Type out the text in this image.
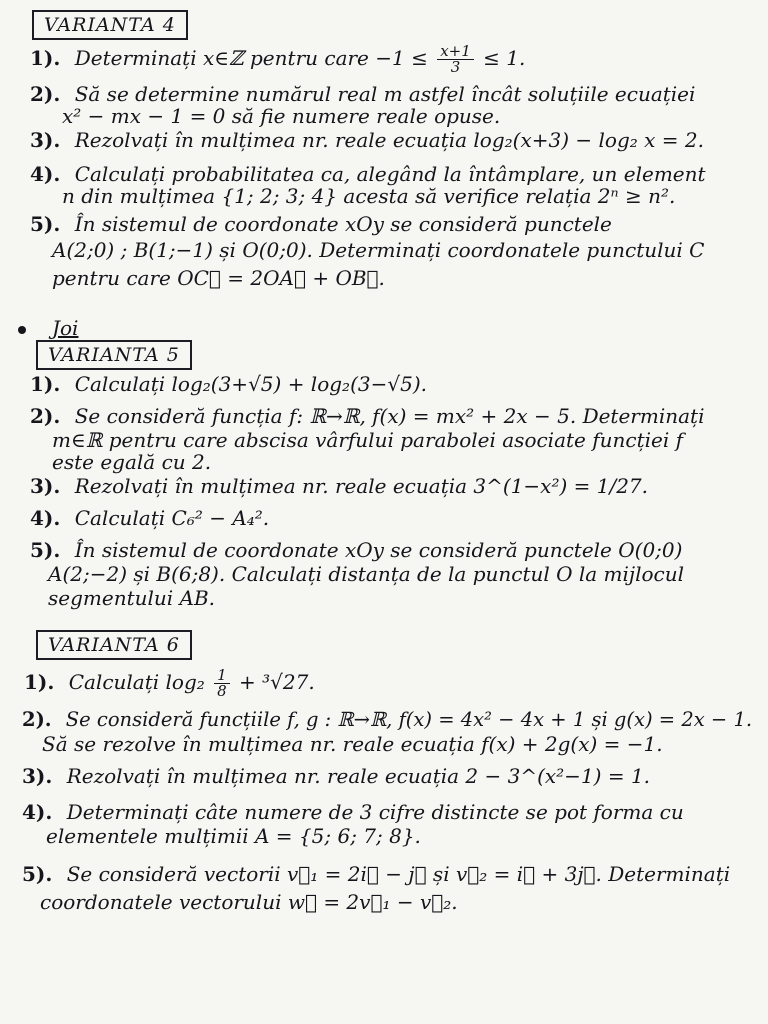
VARIANTA 4
1). Determinați x∈ℤ pentru care $-1 \le \frac{x+1}{3} \le 1$.
2). Să se determine numărul real m astfel încât soluțiile ecuației
x² − mx − 1 = 0 să fie numere reale opuse.
3). Rezolvați în mulțimea nr. reale ecuația log₂(x+3) − log₂ x = 2.
4). Calculați probabilitatea ca, alegând la întâmplare, un element
n din mulțimea {1; 2; 3; 4} acesta să verifice relația 2ⁿ ≥ n².
5). În sistemul de coordonate xOy se consideră punctele
A(2;0) ; B(1;−1) și O(0;0). Determinați coordonatele punctului C
pentru care OC⃗ = 2OA⃗ + OB⃗.
Joi
VARIANTA 5
1). Calculați log₂(3+√5) + log₂(3−√5).
2). Se consideră funcția f: ℝ→ℝ, f(x) = mx² + 2x − 5. Determinați
m∈ℝ pentru care abscisa vârfului parabolei asociate funcției f
este egală cu 2.
3). Rezolvați în mulțimea nr. reale ecuația 3^(1−x²) = 1/27.
4). Calculați C₆² − A₄².
5). În sistemul de coordonate xOy se consideră punctele O(0;0)
A(2;−2) și B(6;8). Calculați distanța de la punctul O la mijlocul
segmentului AB.
VARIANTA 6
1). Calculați $\log_2 \frac{1}{8} + ^3√27$.
2). Se consideră funcțiile f, g : ℝ→ℝ, f(x) = 4x² − 4x + 1 și g(x) = 2x − 1.
Să se rezolve în mulțimea nr. reale ecuația f(x) + 2g(x) = −1.
3). Rezolvați în mulțimea nr. reale ecuația 2 − 3^(x²−1) = 1.
4). Determinați câte numere de 3 cifre distincte se pot forma cu
elementele mulțimii A = {5; 6; 7; 8}.
5). Se consideră vectorii v⃗₁ = 2i⃗ − j⃗ și v⃗₂ = i⃗ + 3j⃗. Determinați
coordonatele vectorului w⃗ = 2v⃗₁ − v⃗₂.
